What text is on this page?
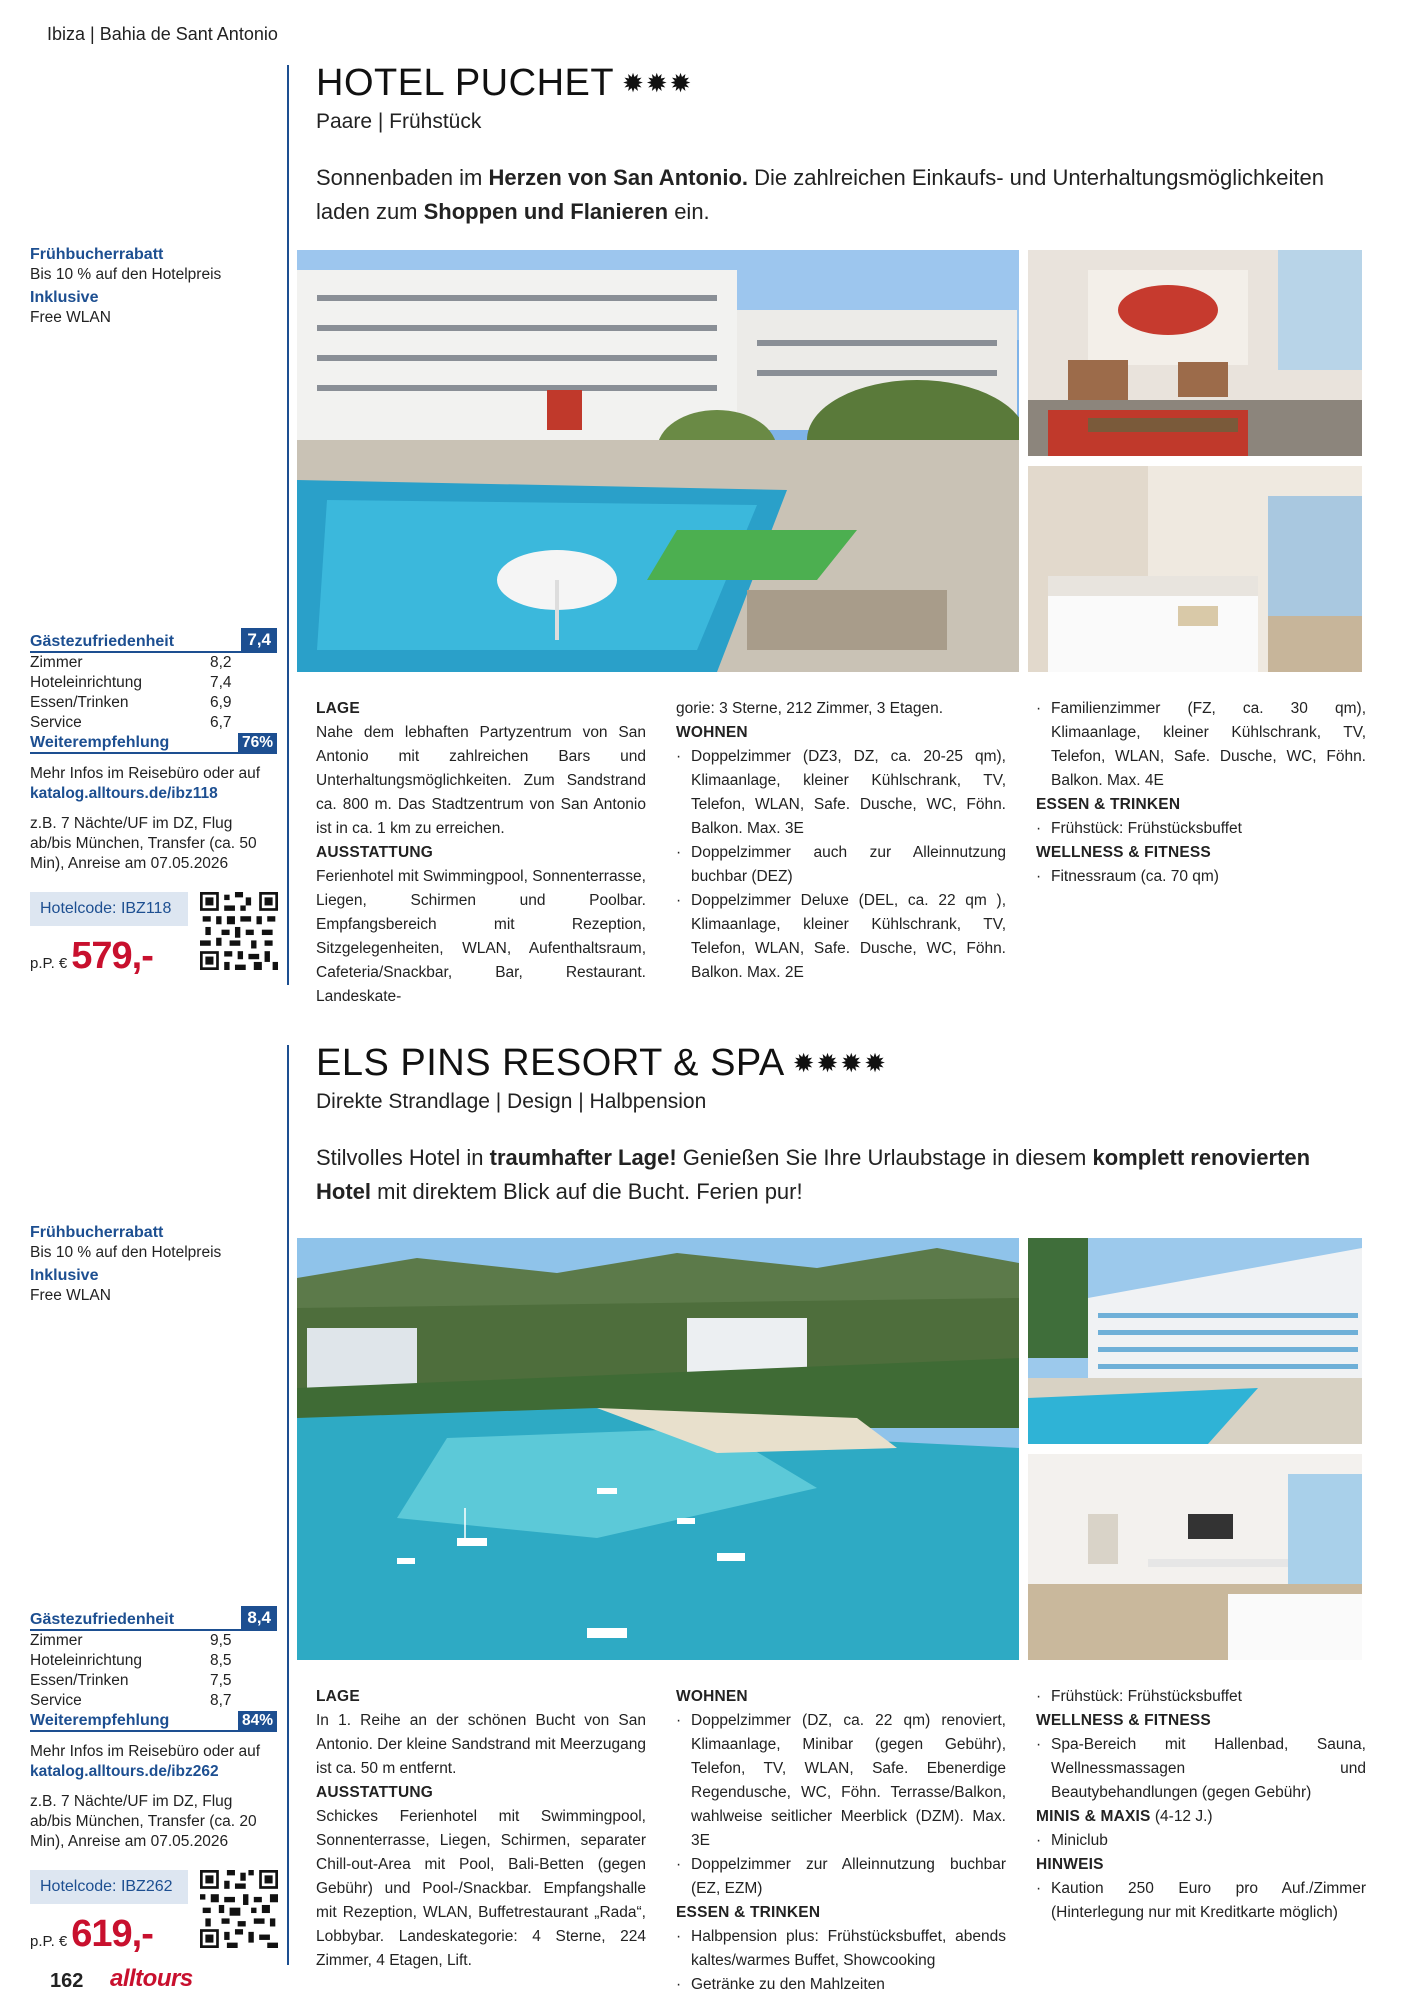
Ibiza | Bahia de Sant Antonio
HOTEL PUCHET ✹✹✹
Paare | Frühstück
Sonnenbaden im Herzen von San Antonio. Die zahlreichen Einkaufs- und Unterhaltungsmöglichkeiten laden zum Shoppen und Flanieren ein.
Frühbucherrabatt
Bis 10 % auf den Hotelpreis
Inklusive
Free WLAN
Gästezufriedenheit	7,4
Zimmer	8,2
Hoteleinrichtung	7,4
Essen/Trinken	6,9
Service	6,7
Weiterempfehlung	76%
Mehr Infos im Reisebüro oder auf
katalog.alltours.de/ibz118
z.B. 7 Nächte/UF im DZ, Flug ab/bis München, Transfer (ca. 50 Min), Anreise am 07.05.2026
Hotelcode: IBZ118
p.P. € 579,-
LAGE
Nahe dem lebhaften Partyzentrum von San Antonio mit zahlreichen Bars und Unterhaltungsmöglichkeiten. Zum Sandstrand ca. 800 m. Das Stadtzentrum von San Antonio ist in ca. 1 km zu erreichen.
AUSSTATTUNG
Ferienhotel mit Swimmingpool, Sonnenterrasse, Liegen, Schirmen und Poolbar. Empfangsbereich mit Rezeption, Sitzgelegenheiten, WLAN, Aufenthaltsraum, Cafeteria/Snackbar, Bar, Restaurant. Landeskate-
gorie: 3 Sterne, 212 Zimmer, 3 Etagen.
WOHNEN
· Doppelzimmer (DZ3, DZ, ca. 20-25 qm), Klimaanlage, kleiner Kühlschrank, TV, Telefon, WLAN, Safe. Dusche, WC, Föhn. Balkon. Max. 3E
· Doppelzimmer auch zur Alleinnutzung buchbar (DEZ)
· Doppelzimmer Deluxe (DEL, ca. 22 qm ), Klimaanlage, kleiner Kühlschrank, TV, Telefon, WLAN, Safe. Dusche, WC, Föhn. Balkon. Max. 2E
· Familienzimmer (FZ, ca. 30 qm), Klimaanlage, kleiner Kühlschrank, TV, Telefon, WLAN, Safe. Dusche, WC, Föhn. Balkon. Max. 4E
ESSEN & TRINKEN
· Frühstück: Frühstücksbuffet
WELLNESS & FITNESS
· Fitnessraum (ca. 70 qm)
ELS PINS RESORT & SPA ✹✹✹✹
Direkte Strandlage | Design | Halbpension
Stilvolles Hotel in traumhafter Lage! Genießen Sie Ihre Urlaubstage in diesem komplett renovierten Hotel mit direktem Blick auf die Bucht. Ferien pur!
Frühbucherrabatt
Bis 10 % auf den Hotelpreis
Inklusive
Free WLAN
Gästezufriedenheit	8,4
Zimmer	9,5
Hoteleinrichtung	8,5
Essen/Trinken	7,5
Service	8,7
Weiterempfehlung	84%
Mehr Infos im Reisebüro oder auf
katalog.alltours.de/ibz262
z.B. 7 Nächte/UF im DZ, Flug ab/bis München, Transfer (ca. 20 Min), Anreise am 07.05.2026
Hotelcode: IBZ262
p.P. € 619,-
LAGE
In 1. Reihe an der schönen Bucht von San Antonio. Der kleine Sandstrand mit Meerzugang ist ca. 50 m entfernt.
AUSSTATTUNG
Schickes Ferienhotel mit Swimmingpool, Sonnenterrasse, Liegen, Schirmen, separater Chill-out-Area mit Pool, Bali-Betten (gegen Gebühr) und Pool-/Snackbar. Empfangshalle mit Rezeption, WLAN, Buffetrestaurant „Rada“, Lobbybar. Landeskategorie: 4 Sterne, 224 Zimmer, 4 Etagen, Lift.
WOHNEN
· Doppelzimmer (DZ, ca. 22 qm) renoviert, Klimaanlage, Minibar (gegen Gebühr), Telefon, TV, WLAN, Safe. Ebenerdige Regendusche, WC, Föhn. Terrasse/Balkon, wahlweise seitlicher Meerblick (DZM). Max. 3E
· Doppelzimmer zur Alleinnutzung buchbar (EZ, EZM)
ESSEN & TRINKEN
· Halbpension plus: Frühstücksbuffet, abends kaltes/warmes Buffet, Showcooking
· Getränke zu den Mahlzeiten
· Frühstück: Frühstücksbuffet
WELLNESS & FITNESS
· Spa-Bereich mit Hallenbad, Sauna, Wellnessmassagen und Beautybehandlungen (gegen Gebühr)
MINIS & MAXIS (4-12 J.)
· Miniclub
HINWEIS
· Kaution 250 Euro pro Auf./Zimmer (Hinterlegung nur mit Kreditkarte möglich)
162 alltours
